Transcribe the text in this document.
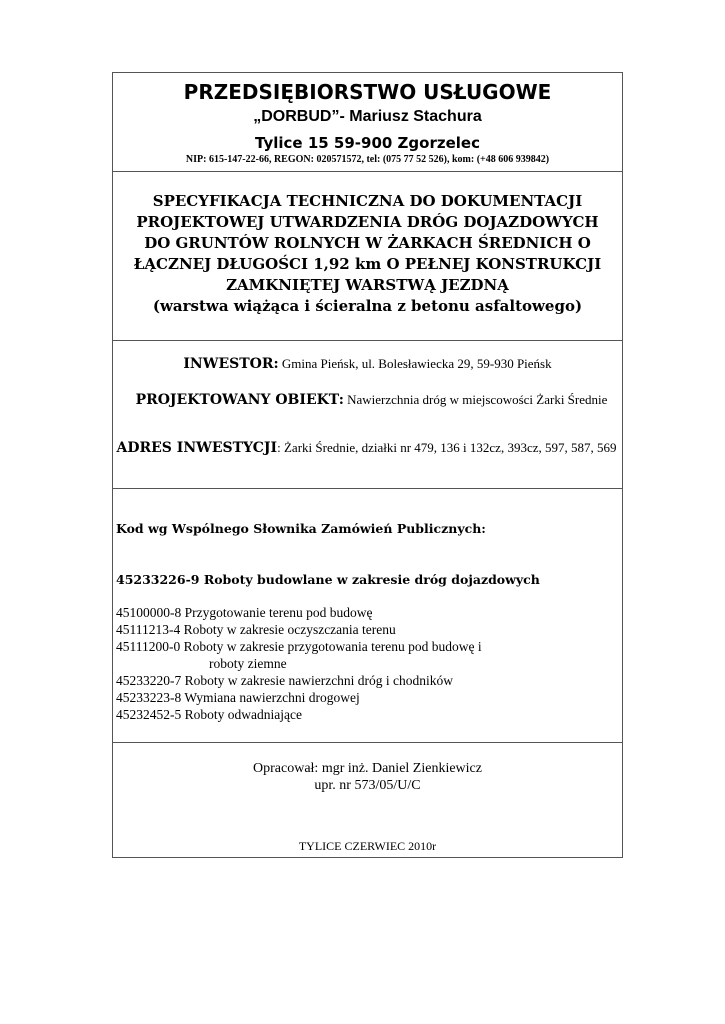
PRZEDSIĘBIORSTWO USŁUGOWE
„DORBUD”- Mariusz Stachura
Tylice 15 59-900 Zgorzelec
NIP: 615-147-22-66, REGON: 020571572, tel: (075 77 52 526), kom: (+48 606 939842)
SPECYFIKACJA TECHNICZNA DO DOKUMENTACJI
PROJEKTOWEJ UTWARDZENIA DRÓG DOJAZDOWYCH
DO GRUNTÓW ROLNYCH W ŻARKACH ŚREDNICH O
ŁĄCZNEJ DŁUGOŚCI 1,92 km O PEŁNEJ KONSTRUKCJI
ZAMKNIĘTEJ WARSTWĄ JEZDNĄ
(warstwa wiążąca i ścieralna z betonu asfaltowego)
INWESTOR: Gmina Pieńsk, ul. Bolesławiecka 29, 59-930 Pieńsk
PROJEKTOWANY OBIEKT: Nawierzchnia dróg w miejscowości Żarki Średnie
ADRES INWESTYCJI: Żarki Średnie, działki nr 479, 136 i 132cz, 393cz, 597, 587, 569
Kod wg Wspólnego Słownika Zamówień Publicznych:
45233226-9 Roboty budowlane w zakresie dróg dojazdowych
45100000-8 Przygotowanie terenu pod budowę
45111213-4 Roboty w zakresie oczyszczania terenu
45111200-0 Roboty w zakresie przygotowania terenu pod budowę i
roboty ziemne
45233220-7 Roboty w zakresie nawierzchni dróg i chodników
45233223-8 Wymiana nawierzchni drogowej
45232452-5 Roboty odwadniające
Opracował: mgr inż. Daniel Zienkiewicz
upr. nr 573/05/U/C
TYLICE CZERWIEC 2010r
